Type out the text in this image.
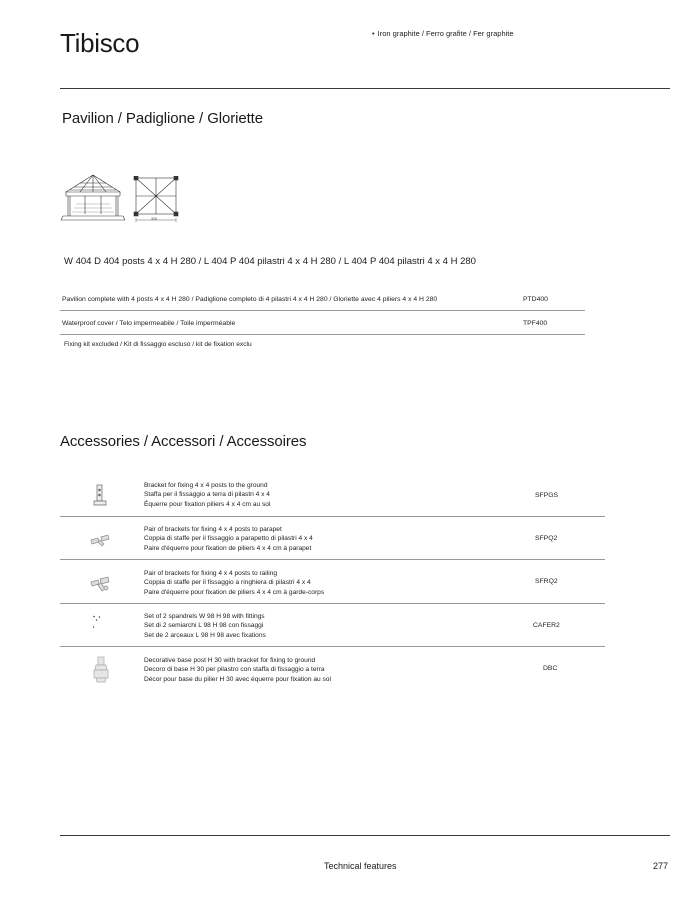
Tibisco
•	Iron graphite / Ferro grafite / Fer graphite
Pavilion / Padiglione / Gloriette
320
W 404 D 404 posts 4 x 4 H 280 / L 404 P 404 pilastri 4 x 4 H 280 / L 404 P 404 pilastri 4 x 4 H 280
Pavilion complete with 4 posts 4 x 4 H 280 / Padiglione completo di 4 pilastri 4 x 4 H 280 / Gloriette avec 4 piliers 4 x 4 H 280	PTD400
Waterproof cover / Telo impermeabile / Toile imperméable	TPF400
Fixing kit excluded / Kit di fissaggio escluso / kit de fixation exclu
Accessories / Accessori / Accessoires
Bracket for fixing 4 x 4 posts to the ground
Staffa per il fissaggio a terra di pilastri 4 x 4
Équerre pour fixation piliers 4 x 4 cm au sol
SFPGS
Pair of brackets for fixing 4 x 4 posts to parapet
Coppia di staffe per il fissaggio a parapetto di pilastri 4 x 4
Paire d'équerre pour fixation de piliers 4 x 4 cm à parapet
SFPQ2
Pair of brackets for fixing 4 x 4 posts to railing
Coppia di staffe per il fissaggio a ringhiera di pilastri 4 x 4
Paire d'équerre pour fixation de piliers 4 x 4 cm à garde-corps
SFRQ2
Set of 2 spandrels W 98 H 98 with fittings
Set di 2 semiarchi L 98 H 98 con fissaggi
Set de 2 arceaux L 98 H 98 avec fixations
CAFER2
Decorative base post H 30 with bracket for fixing to ground
Decoro di base H 30 per pilastro con staffa di fissaggio a terra
Décor pour base du pilier H 30 avec équerre pour fixation au sol
DBC
Technical features	277
